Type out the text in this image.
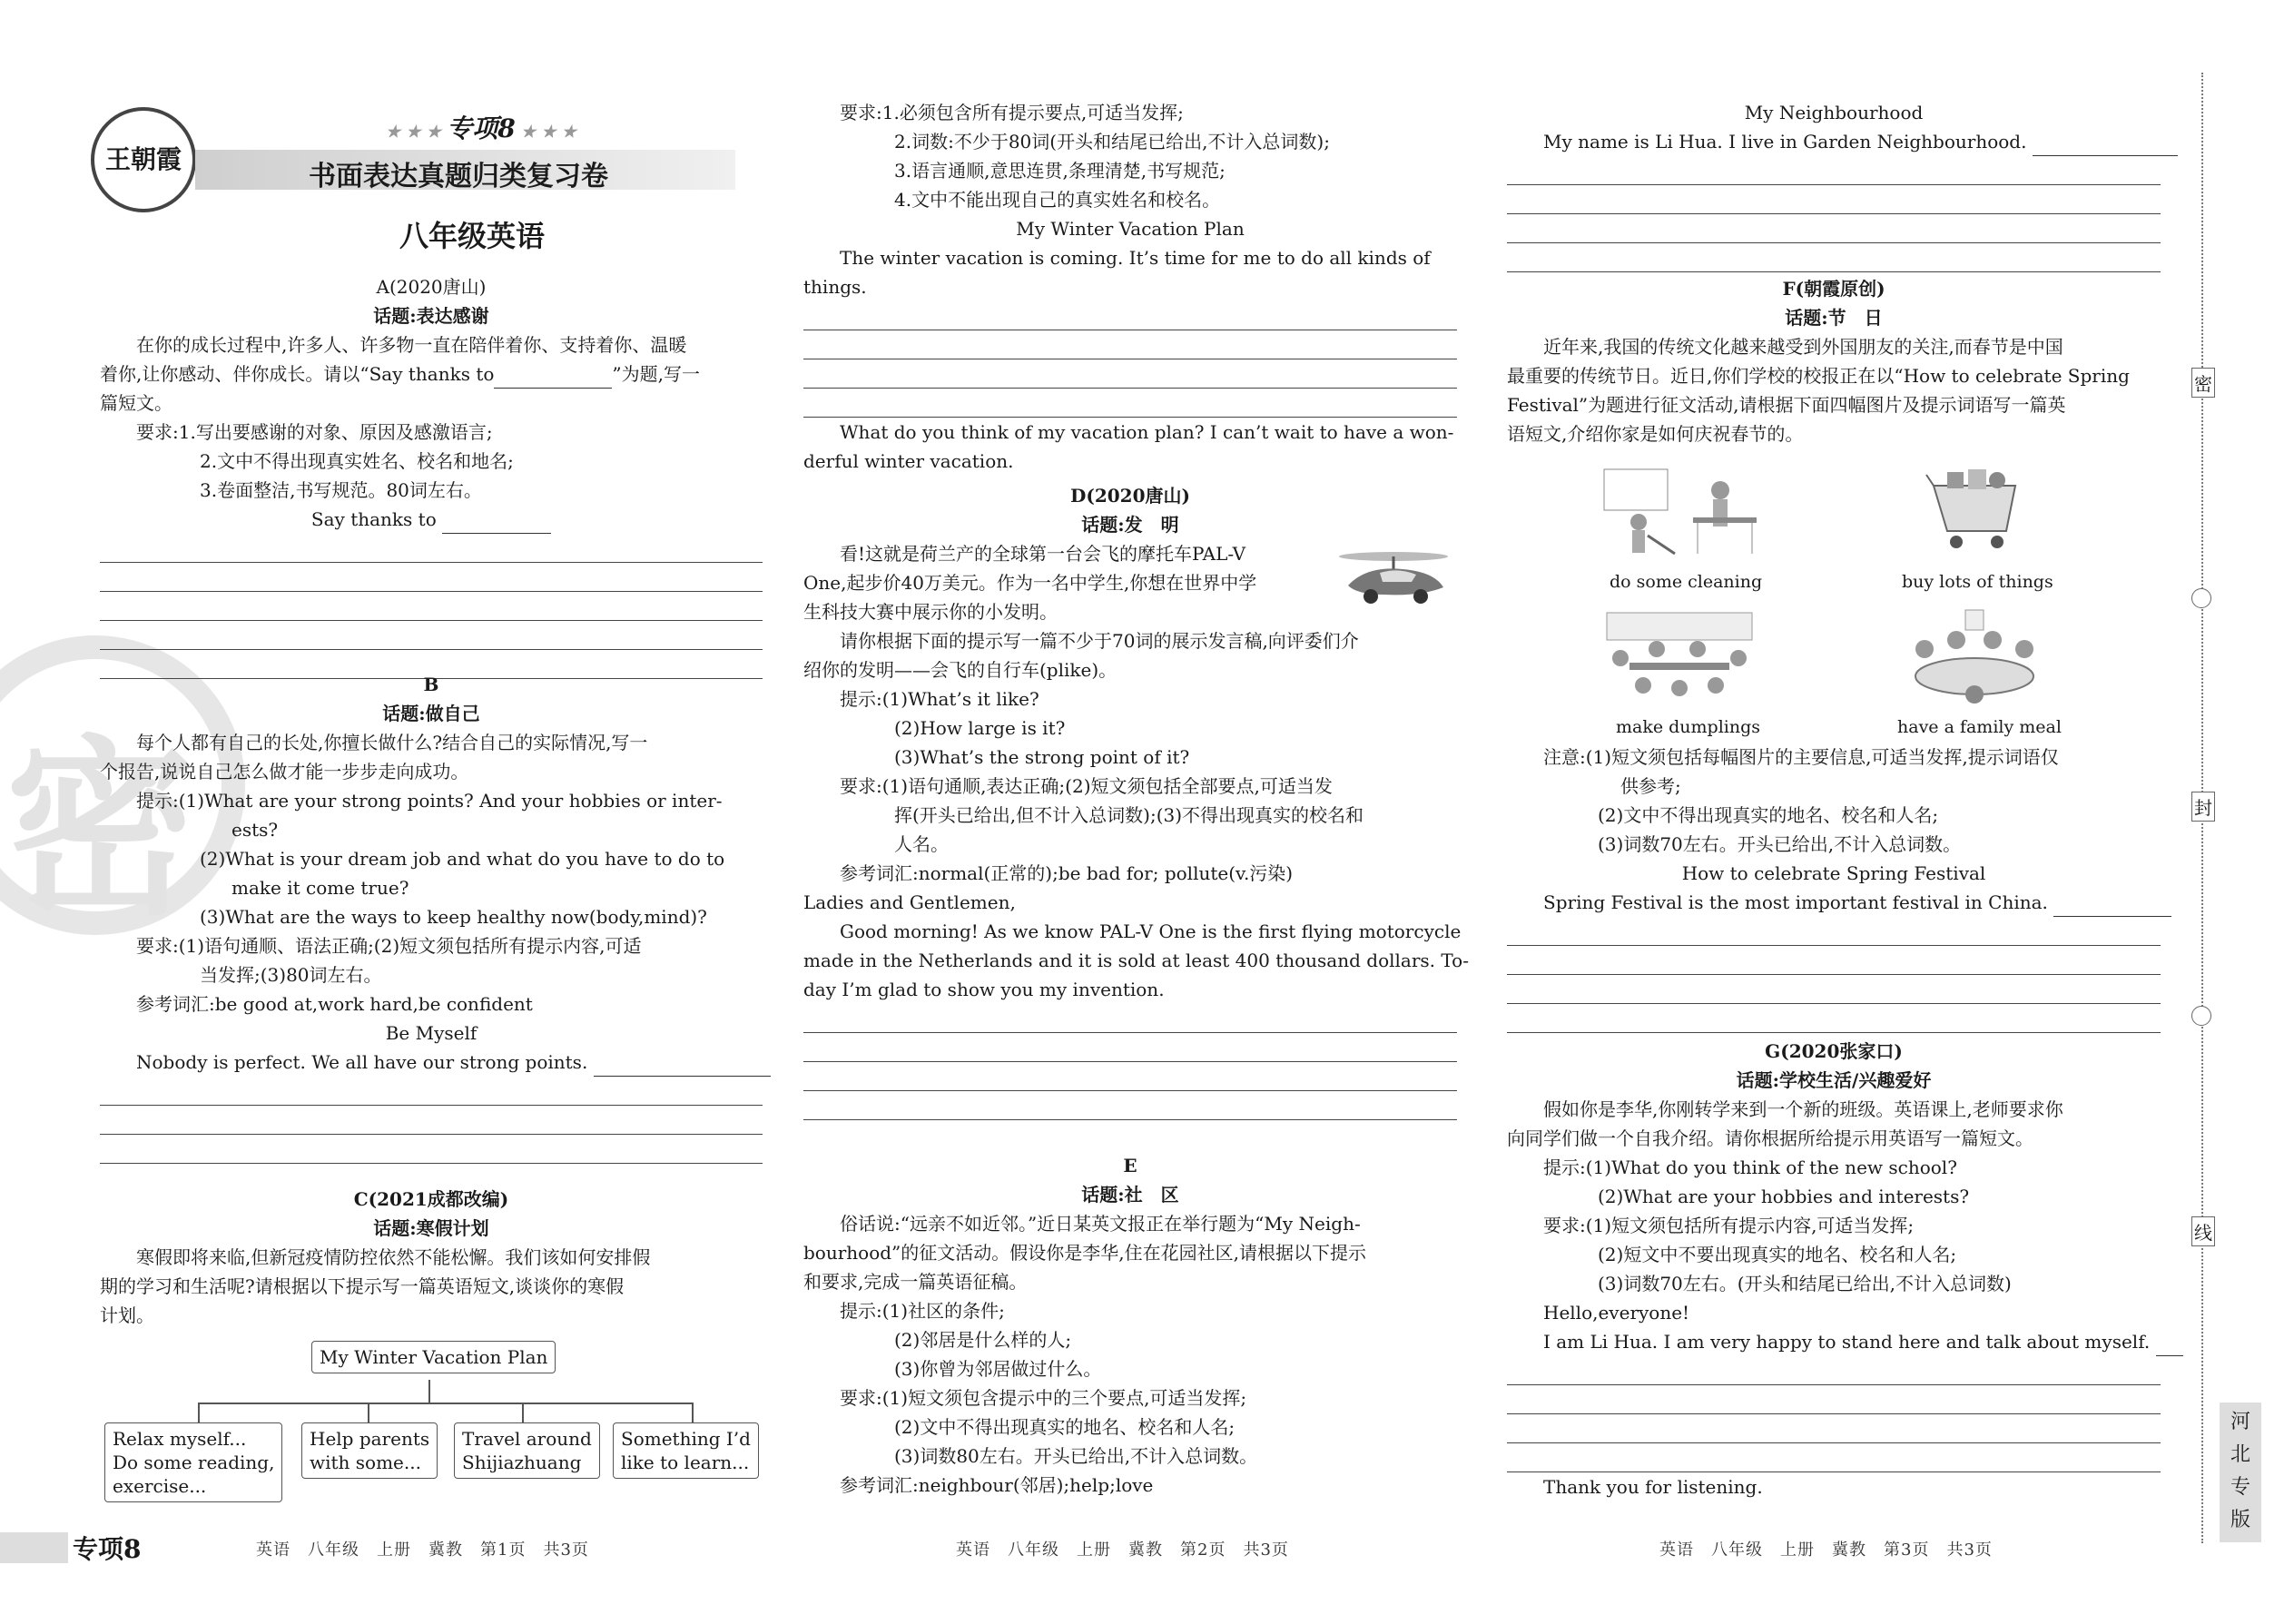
密
王朝霞
★ ★ ★ 专项8 ★ ★ ★
书面表达真题归类复习卷
八年级英语

A(2020唐山)

话题:表达感谢

在你的成长过程中,许多人、许多物一直在陪伴着你、支持着你、温暖

着你,让你感动、伴你成长。请以“Say thanks to	”为题,写一

篇短文。

要求:1.写出要感谢的对象、原因及感激语言;

2.文中不得出现真实姓名、校名和地名;

3.卷面整洁,书写规范。80词左右。

Say thanks to

B

话题:做自己

每个人都有自己的长处,你擅长做什么?结合自己的实际情况,写一

个报告,说说自己怎么做才能一步步走向成功。

提示:(1)What are your strong points? And your hobbies or inter-

ests?

(2)What is your dream job and what do you have to do to

make it come true?

(3)What are the ways to keep healthy now(body,mind)?

要求:(1)语句通顺、语法正确;(2)短文须包括所有提示内容,可适

当发挥;(3)80词左右。

参考词汇:be good at,work hard,be confident

Be Myself

Nobody is perfect. We all have our strong points.

C(2021成都改编)

话题:寒假计划

寒假即将来临,但新冠疫情防控依然不能松懈。我们该如何安排假

期的学习和生活呢?请根据以下提示写一篇英语短文,谈谈你的寒假

计划。

My Winter Vacation Plan
Relax myself...
Do some reading,
exercise...
Help parents
with some...
Travel around
Shijiazhuang
Something I’d
like to learn...
专项8	英语　八年级　上册　冀教　第1页　共3页

要求:1.必须包含所有提示要点,可适当发挥;

2.词数:不少于80词(开头和结尾已给出,不计入总词数);

3.语言通顺,意思连贯,条理清楚,书写规范;

4.文中不能出现自己的真实姓名和校名。

My Winter Vacation Plan

The winter vacation is coming. It’s time for me to do all kinds of

things.

What do you think of my vacation plan? I can’t wait to have a won-

derful winter vacation.

D(2020唐山)

话题:发　明

看!这就是荷兰产的全球第一台会飞的摩托车PAL-V

One,起步价40万美元。作为一名中学生,你想在世界中学

生科技大赛中展示你的小发明。

请你根据下面的提示写一篇不少于70词的展示发言稿,向评委们介

绍你的发明——会飞的自行车(plike)。

提示:(1)What’s it like?

(2)How large is it?

(3)What’s the strong point of it?

要求:(1)语句通顺,表达正确;(2)短文须包括全部要点,可适当发

挥(开头已给出,但不计入总词数);(3)不得出现真实的校名和

人名。

参考词汇:normal(正常的);be bad for; pollute(v.污染)

Ladies and Gentlemen,

Good morning! As we know PAL-V One is the first flying motorcycle

made in the Netherlands and it is sold at least 400 thousand dollars. To-

day I’m glad to show you my invention.

E

话题:社　区

俗话说:“远亲不如近邻。”近日某英文报正在举行题为“My Neigh-

bourhood”的征文活动。假设你是李华,住在花园社区,请根据以下提示

和要求,完成一篇英语征稿。

提示:(1)社区的条件;

(2)邻居是什么样的人;

(3)你曾为邻居做过什么。

要求:(1)短文须包含提示中的三个要点,可适当发挥;

(2)文中不得出现真实的地名、校名和人名;

(3)词数80左右。开头已给出,不计入总词数。

参考词汇:neighbour(邻居);help;love

英语　八年级　上册　冀教　第2页　共3页

My Neighbourhood

My name is Li Hua. I live in Garden Neighbourhood.

F(朝霞原创)

话题:节　日

近年来,我国的传统文化越来越受到外国朋友的关注,而春节是中国

最重要的传统节日。近日,你们学校的校报正在以“How to celebrate Spring

Festival”为题进行征文活动,请根据下面四幅图片及提示词语写一篇英

语短文,介绍你家是如何庆祝春节的。

do some cleaning	buy lots of things
make dumplings	have a family meal

注意:(1)短文须包括每幅图片的主要信息,可适当发挥,提示词语仅

供参考;

(2)文中不得出现真实的地名、校名和人名;

(3)词数70左右。开头已给出,不计入总词数。

How to celebrate Spring Festival

Spring Festival is the most important festival in China.

G(2020张家口)

话题:学校生活/兴趣爱好

假如你是李华,你刚转学来到一个新的班级。英语课上,老师要求你

向同学们做一个自我介绍。请你根据所给提示用英语写一篇短文。

提示:(1)What do you think of the new school?

(2)What are your hobbies and interests?

要求:(1)短文须包括所有提示内容,可适当发挥;

(2)短文中不要出现真实的地名、校名和人名;

(3)词数70左右。(开头和结尾已给出,不计入总词数)

Hello,everyone!

I am Li Hua. I am very happy to stand here and talk about myself.

Thank you for listening.

英语　八年级　上册　冀教　第3页　共3页
密
封
线
河
北
专
版
